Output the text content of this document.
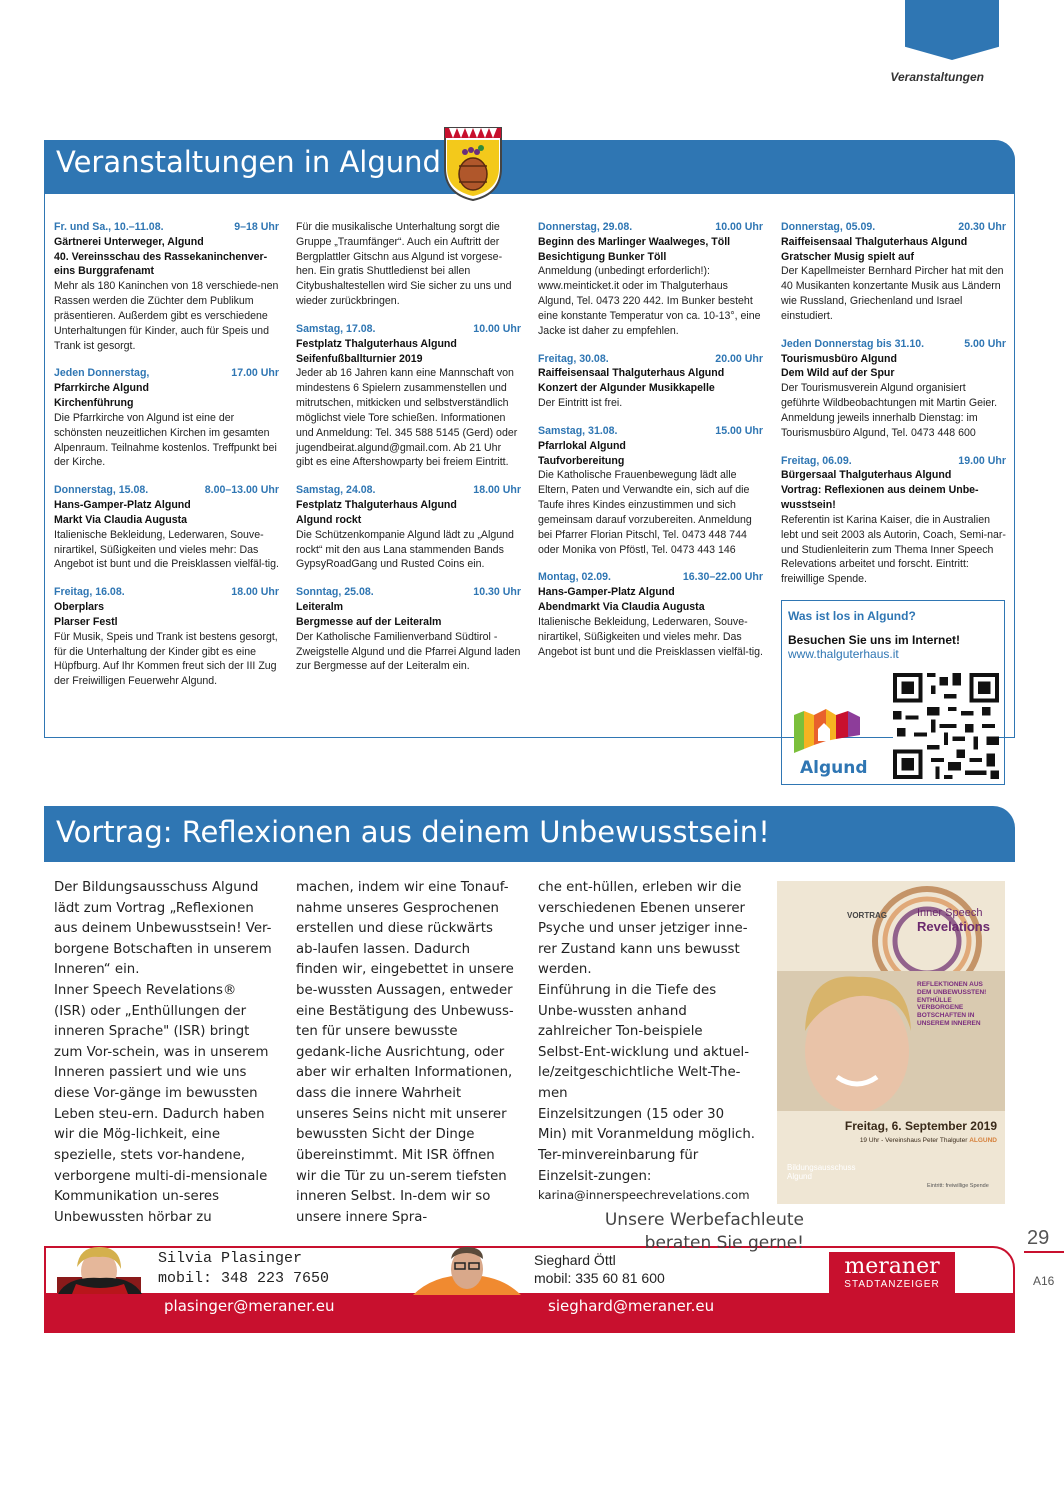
Veranstaltungen
Veranstaltungen in Algund
Fr. und Sa., 10.–11.08.	9–18 Uhr
Gärtnerei Unterweger, Algund
40. Vereinsschau des Rassekaninchenver-eins Burggrafenamt
Mehr als 180 Kaninchen von 18 verschiede-nen Rassen werden die Züchter dem Publikum präsentieren. Außerdem gibt es verschiedene Unterhaltungen für Kinder, auch für Speis und Trank ist gesorgt.
Jeden Donnerstag,	17.00 Uhr
Pfarrkirche Algund
Kirchenführung
Die Pfarrkirche von Algund ist eine der schönsten neuzeitlichen Kirchen im gesamten Alpenraum. Teilnahme kostenlos. Treffpunkt bei der Kirche.
Donnerstag, 15.08.	8.00–13.00 Uhr
Hans-Gamper-Platz Algund
Markt Via Claudia Augusta
Italienische Bekleidung, Lederwaren, Souve-nirartikel, Süßigkeiten und vieles mehr: Das Angebot ist bunt und die Preisklassen vielfäl-tig.
Freitag, 16.08.	18.00 Uhr
Oberplars
Plarser Festl
Für Musik, Speis und Trank ist bestens gesorgt, für die Unterhaltung der Kinder gibt es eine Hüpfburg. Auf Ihr Kommen freut sich der III Zug der Freiwilligen Feuerwehr Algund.
Für die musikalische Unterhaltung sorgt die Gruppe „Traumfänger“. Auch ein Auftritt der Bergplattler Gitschn aus Algund ist vorgese-hen. Ein gratis Shuttledienst bei allen Citybushaltestellen wird Sie sicher zu uns und wieder zurückbringen.
Samstag, 17.08.	10.00 Uhr
Festplatz Thalguterhaus Algund
Seifenfußballturnier 2019
Jeder ab 16 Jahren kann eine Mannschaft von mindestens 6 Spielern zusammenstellen und mitrutschen, mitkicken und selbstverständlich möglichst viele Tore schießen. Informationen und Anmeldung: Tel. 345 588 5145 (Gerd) oder jugendbeirat.algund@gmail.com. Ab 21 Uhr gibt es eine Aftershowparty bei freiem Eintritt.
Samstag, 24.08.	18.00 Uhr
Festplatz Thalguterhaus Algund
Algund rockt
Die Schützenkompanie Algund lädt zu „Algund rockt“ mit den aus Lana stammenden Bands GypsyRoadGang und Rusted Coins ein.
Sonntag, 25.08.	10.30 Uhr
Leiteralm
Bergmesse auf der Leiteralm
Der Katholische Familienverband Südtirol - Zweigstelle Algund und die Pfarrei Algund laden zur Bergmesse auf der Leiteralm ein.
Donnerstag, 29.08.	10.00 Uhr
Beginn des Marlinger Waalweges, Töll
Besichtigung Bunker Töll
Anmeldung (unbedingt erforderlich!): www.meinticket.it oder im Thalguterhaus Algund, Tel. 0473 220 442. Im Bunker besteht eine konstante Temperatur von ca. 10-13°, eine Jacke ist daher zu empfehlen.
Freitag, 30.08.	20.00 Uhr
Raiffeisensaal Thalguterhaus Algund
Konzert der Algunder Musikkapelle
Der Eintritt ist frei.
Samstag, 31.08.	15.00 Uhr
Pfarrlokal Algund
Taufvorbereitung
Die Katholische Frauenbewegung lädt alle Eltern, Paten und Verwandte ein, sich auf die Taufe ihres Kindes einzustimmen und sich gemeinsam darauf vorzubereiten. Anmeldung bei Pfarrer Florian Pitschl, Tel. 0473 448 744 oder Monika von Pföstl, Tel. 0473 443 146
Montag, 02.09.	16.30–22.00 Uhr
Hans-Gamper-Platz Algund
Abendmarkt Via Claudia Augusta
Italienische Bekleidung, Lederwaren, Souve-nirartikel, Süßigkeiten und vieles mehr. Das Angebot ist bunt und die Preisklassen vielfäl-tig.
Donnerstag, 05.09.	20.30 Uhr
Raiffeisensaal Thalguterhaus Algund
Gratscher Musig spielt auf
Der Kapellmeister Bernhard Pircher hat mit den 40 Musikanten konzertante Musik aus Ländern wie Russland, Griechenland und Israel einstudiert.
Jeden Donnerstag bis 31.10.	5.00 Uhr
Tourismusbüro Algund
Dem Wild auf der Spur
Der Tourismusverein Algund organisiert geführte Wildbeobachtungen mit Martin Geier. Anmeldung jeweils innerhalb Dienstag: im Tourismusbüro Algund, Tel. 0473 448 600
Freitag, 06.09.	19.00 Uhr
Bürgersaal Thalguterhaus Algund
Vortrag: Reflexionen aus deinem Unbe-wusstsein!
Referentin ist Karina Kaiser, die in Australien lebt und seit 2003 als Autorin, Coach, Semi-nar- und Studienleiterin zum Thema Inner Speech Relevations arbeitet und forscht. Eintritt: freiwillige Spende.
Was ist los in Algund?
Besuchen Sie uns im Internet!
www.thalguterhaus.it
Algund
Vortrag: Reflexionen aus deinem Unbewusstsein!
Der Bildungsausschuss Algund lädt zum Vortrag „Reflexionen aus deinem Unbewusstsein! Ver-borgene Botschaften in unserem Inneren“ ein.
Inner Speech Revelations® (ISR) oder „Enthüllungen der inneren Sprache" (ISR) bringt zum Vor-schein, was in unserem Inneren passiert und wie uns diese Vor-gänge im bewussten Leben steu-ern. Dadurch haben wir die Mög-lichkeit, eine spezielle, stets vor-handene, verborgene multi-di-mensionale Kommunikation un-seres Unbewussten hörbar zu
machen, indem wir eine Tonauf-nahme unseres Gesprochenen erstellen und diese rückwärts ab-laufen lassen. Dadurch finden wir, eingebettet in unsere be-wussten Aussagen, entweder eine Bestätigung des Unbewuss-ten für unsere bewusste gedank-liche Ausrichtung, oder aber wir erhalten Informationen, dass die innere Wahrheit unseres Seins nicht mit unserer bewussten Sicht der Dinge übereinstimmt. Mit ISR öffnen wir die Tür zu un-serem tiefsten inneren Selbst. In-dem wir so unsere innere Spra-

che ent-hüllen, erleben wir die verschiedenen Ebenen unserer Psyche und unser jetziger inne-rer Zustand kann uns bewusst werden.
Einführung in die Tiefe des Unbe-wussten anhand zahlreicher Ton-beispiele
Selbst-Ent-wicklung und aktuel-le/zeitgeschichtliche Welt-The-men
Einzelsitzungen (15 oder 30 Min) mit Voranmeldung möglich. Ter-minvereinbarung für Einzelsit-zungen:

karina@innerspeechrevelations.com

VORTRAG	Inner Speech
Revelations
REFLEKTIONEN AUS DEM UNBEWUSSTEN! ENTHÜLLE VERBORGENE BOTSCHAFTEN IN UNSEREM INNEREN
Freitag, 6. September 2019
19 Uhr - Vereinshaus Peter Thalguter ALGUND
Bildungsausschuss Algund
Eintritt: freiwillige Spende
29
A16
Silvia Plasinger
mobil: 348 223 7650
Sieghard Öttl
mobil: 335 60 81 600
plasinger@meraner.eu	sieghard@meraner.eu
Unsere Werbefachleute
beraten Sie gerne!
meraner
STADTANZEIGER
